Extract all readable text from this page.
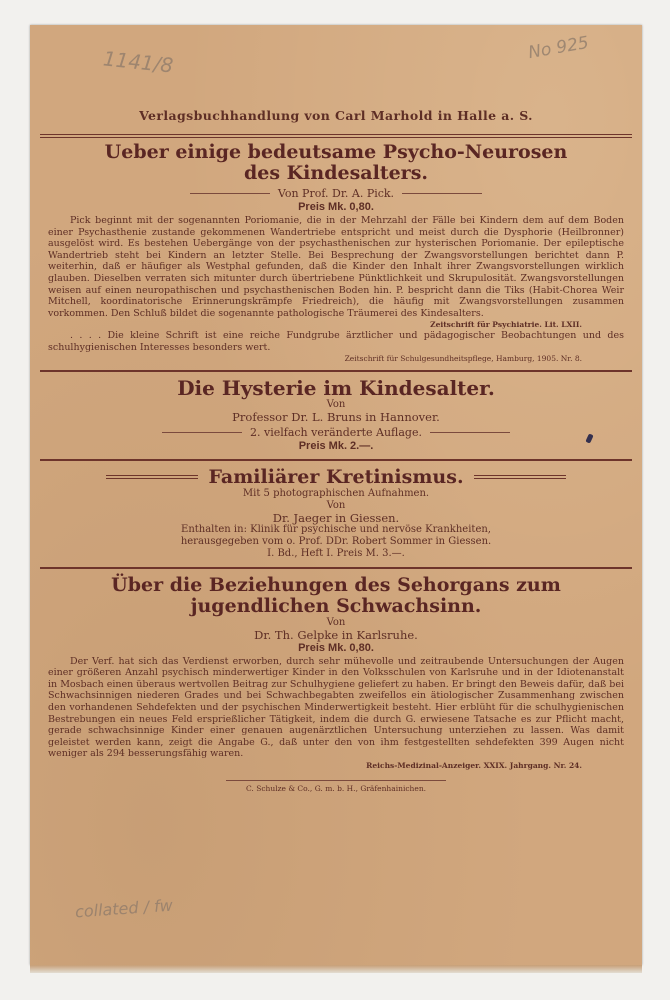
1141/8	No 925
collated / fw
Verlagsbuchhandlung von Carl Marhold in Halle a. S.
Ueber einige bedeutsame Psycho-Neurosen
des Kindesalters.
Von Prof. Dr. A. Pick.
Preis Mk. 0,80.

Pick beginnt mit der sogenannten Poriomanie, die in der Mehrzahl der Fälle bei Kindern dem auf dem Boden einer Psychasthenie zustande gekommenen Wandertriebe entspricht und meist durch die Dysphorie (Heilbronner) ausgelöst wird. Es bestehen Uebergänge von der psychasthenischen zur hysterischen Poriomanie. Der epileptische Wandertrieb steht bei Kindern an letzter Stelle. Bei Besprechung der Zwangsvorstellungen berichtet dann P. weiterhin, daß er häufiger als Westphal gefunden, daß die Kinder den Inhalt ihrer Zwangsvorstellungen wirklich glauben. Dieselben verraten sich mitunter durch übertriebene Pünktlichkeit und Skrupulosität. Zwangsvorstellungen weisen auf einen neuropathischen und psychasthenischen Boden hin. P. bespricht dann die Tiks (Habit-Chorea Weir Mitchell, koordinatorische Erinnerungskrämpfe Friedreich), die häufig mit Zwangsvorstellungen zusammen vorkommen. Den Schluß bildet die sogenannte pathologische Träumerei des Kindesalters.

Zeitschrift für Psychiatrie. Lit. LXII.

. . . . Die kleine Schrift ist eine reiche Fundgrube ärztlicher und pädagogischer Beobachtungen und des schulhygienischen Interesses besonders wert.

Zeitschrift für Schulgesundheitspflege, Hamburg, 1905. Nr. 8.
Die Hysterie im Kindesalter.
Von
Professor Dr. L. Bruns in Hannover.
2. vielfach veränderte Auflage.
Preis Mk. 2.—.
Familiärer Kretinismus.
Mit 5 photographischen Aufnahmen.
Von
Dr. Jaeger in Giessen.
Enthalten in: Klinik für psychische und nervöse Krankheiten,
herausgegeben vom o. Prof. DDr. Robert Sommer in Giessen.
I. Bd., Heft I. Preis M. 3.—.
Über die Beziehungen des Sehorgans zum
jugendlichen Schwachsinn.
Von
Dr. Th. Gelpke in Karlsruhe.
Preis Mk. 0,80.

Der Verf. hat sich das Verdienst erworben, durch sehr mühevolle und zeitraubende Untersuchungen der Augen einer größeren Anzahl psychisch minderwertiger Kinder in den Volksschulen von Karlsruhe und in der Idiotenanstalt in Mosbach einen überaus wertvollen Beitrag zur Schulhygiene geliefert zu haben. Er bringt den Beweis dafür, daß bei Schwachsinnigen niederen Grades und bei Schwachbegabten zweifellos ein ätiologischer Zusammenhang zwischen den vorhandenen Sehdefekten und der psychischen Minderwertigkeit besteht. Hier erblüht für die schulhygienischen Bestrebungen ein neues Feld ersprießlicher Tätigkeit, indem die durch G. erwiesene Tatsache es zur Pflicht macht, gerade schwachsinnige Kinder einer genauen augenärztlichen Untersuchung unterziehen zu lassen. Was damit geleistet werden kann, zeigt die Angabe G., daß unter den von ihm festgestellten sehdefekten 399 Augen nicht weniger als 294 besserungsfähig waren.

Reichs-Medizinal-Anzeiger. XXIX. Jahrgang. Nr. 24.
C. Schulze & Co., G. m. b. H., Gräfenhainichen.
